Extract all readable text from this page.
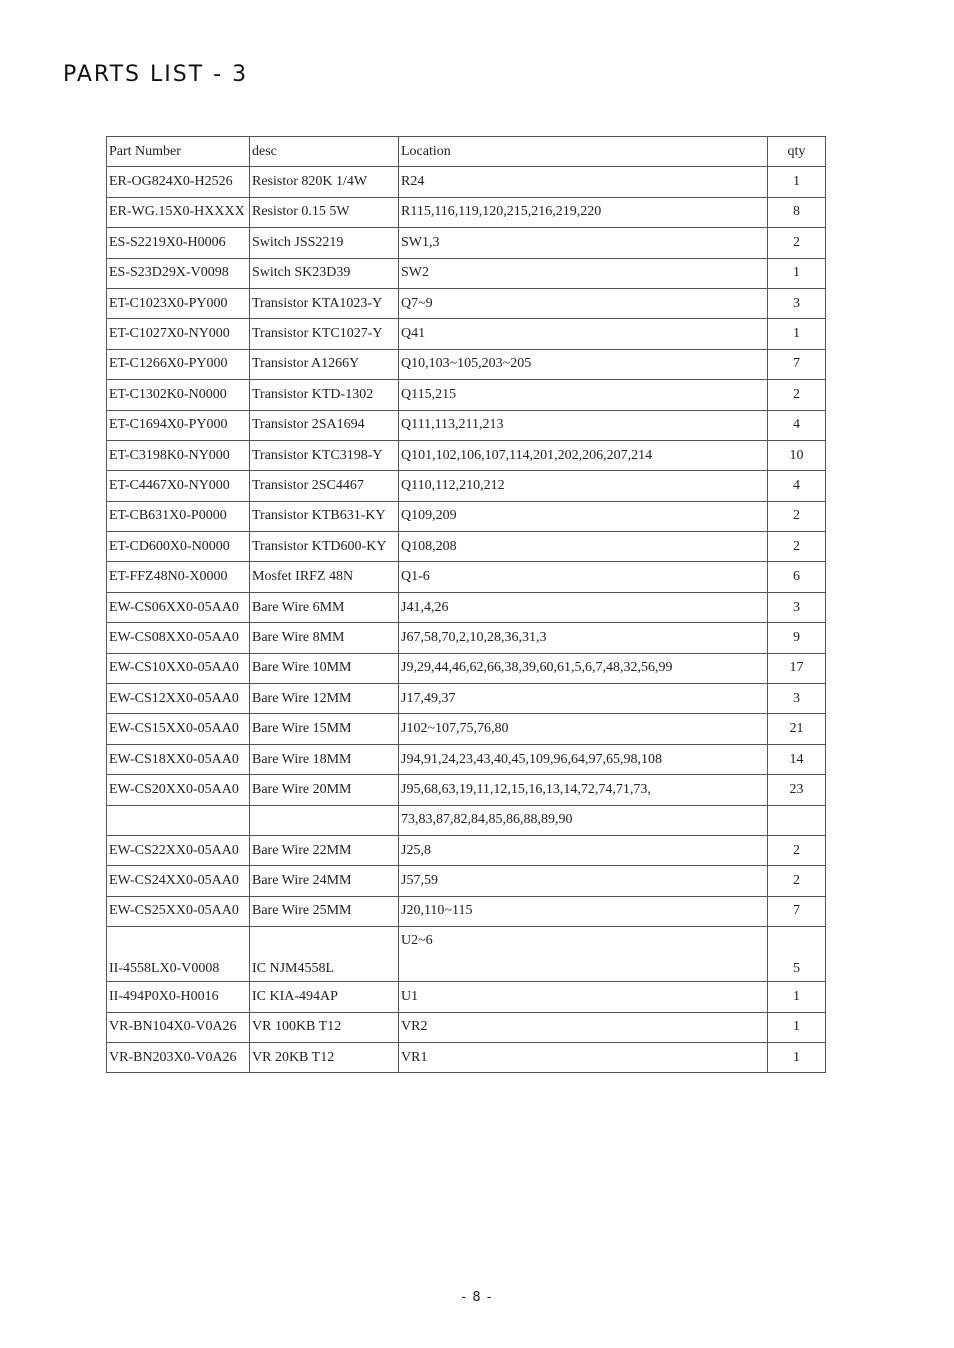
PARTS LIST - 3
Part Number	desc	Location	qty
ER-OG824X0-H2526	Resistor 820K 1/4W	R24	1
ER-WG.15X0-HXXXX	Resistor 0.15 5W	R115,116,119,120,215,216,219,220	8
ES-S2219X0-H0006	Switch JSS2219	SW1,3	2
ES-S23D29X-V0098	Switch SK23D39	SW2	1
ET-C1023X0-PY000	Transistor KTA1023-Y	Q7~9	3
ET-C1027X0-NY000	Transistor KTC1027-Y	Q41	1
ET-C1266X0-PY000	Transistor A1266Y	Q10,103~105,203~205	7
ET-C1302K0-N0000	Transistor KTD-1302	Q115,215	2
ET-C1694X0-PY000	Transistor 2SA1694	Q111,113,211,213	4
ET-C3198K0-NY000	Transistor KTC3198-Y	Q101,102,106,107,114,201,202,206,207,214	10
ET-C4467X0-NY000	Transistor 2SC4467	Q110,112,210,212	4
ET-CB631X0-P0000	Transistor KTB631-KY	Q109,209	2
ET-CD600X0-N0000	Transistor KTD600-KY	Q108,208	2
ET-FFZ48N0-X0000	Mosfet IRFZ 48N	Q1-6	6
EW-CS06XX0-05AA0	Bare Wire 6MM	J41,4,26	3
EW-CS08XX0-05AA0	Bare Wire 8MM	J67,58,70,2,10,28,36,31,3	9
EW-CS10XX0-05AA0	Bare Wire 10MM	J9,29,44,46,62,66,38,39,60,61,5,6,7,48,32,56,99	17
EW-CS12XX0-05AA0	Bare Wire 12MM	J17,49,37	3
EW-CS15XX0-05AA0	Bare Wire 15MM	J102~107,75,76,80	21
EW-CS18XX0-05AA0	Bare Wire 18MM	J94,91,24,23,43,40,45,109,96,64,97,65,98,108	14
EW-CS20XX0-05AA0	Bare Wire 20MM	J95,68,63,19,11,12,15,16,13,14,72,74,71,73,	23
		73,83,87,82,84,85,86,88,89,90	
EW-CS22XX0-05AA0	Bare Wire 22MM	J25,8	2
EW-CS24XX0-05AA0	Bare Wire 24MM	J57,59	2
EW-CS25XX0-05AA0	Bare Wire 25MM	J20,110~115	7
II-4558LX0-V0008	IC NJM4558L	U2~6	5
II-494P0X0-H0016	IC KIA-494AP	U1	1
VR-BN104X0-V0A26	VR 100KB T12	VR2	1
VR-BN203X0-V0A26	VR 20KB T12	VR1	1
- 8 -
